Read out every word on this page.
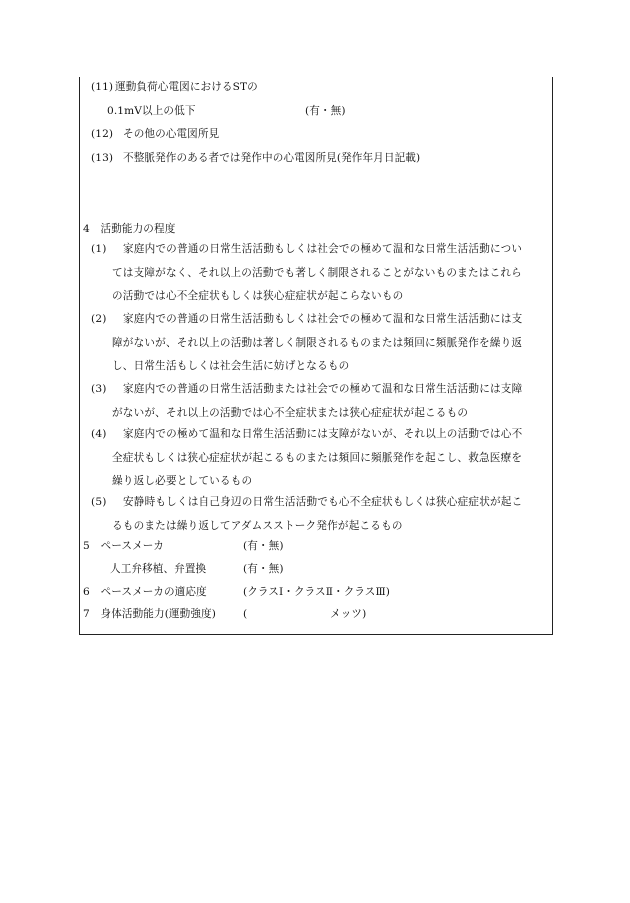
(11) 運動負荷心電図におけるSTの
0.1mV以上の低下	(有・無)
(12) その他の心電図所見
(13) 不整脈発作のある者では発作中の心電図所見(発作年月日記載)
4　活動能力の程度
(1)	家庭内での普通の日常生活活動もしくは社会での極めて温和な日常生活活動については支障がなく、それ以上の活動でも著しく制限されることがないものまたはこれらの活動では心不全症状もしくは狭心症症状が起こらないもの
(2)	家庭内での普通の日常生活活動もしくは社会での極めて温和な日常生活活動には支障がないが、それ以上の活動は著しく制限されるものまたは頻回に頻脈発作を繰り返し、日常生活もしくは社会生活に妨げとなるもの
(3)	家庭内での普通の日常生活活動または社会での極めて温和な日常生活活動には支障がないが、それ以上の活動では心不全症状または狭心症症状が起こるもの
(4)	家庭内での極めて温和な日常生活活動には支障がないが、それ以上の活動では心不全症状もしくは狭心症症状が起こるものまたは頻回に頻脈発作を起こし、救急医療を繰り返し必要としているもの
(5)	安静時もしくは自己身辺の日常生活活動でも心不全症状もしくは狭心症症状が起こるものまたは繰り返してアダムスストーク発作が起こるもの
5　ペースメーカ	(有・無)
人工弁移植、弁置換	(有・無)
6　ペースメーカの適応度	(クラスⅠ・クラスⅡ・クラスⅢ)
7　身体活動能力(運動強度)	(	メッツ)
